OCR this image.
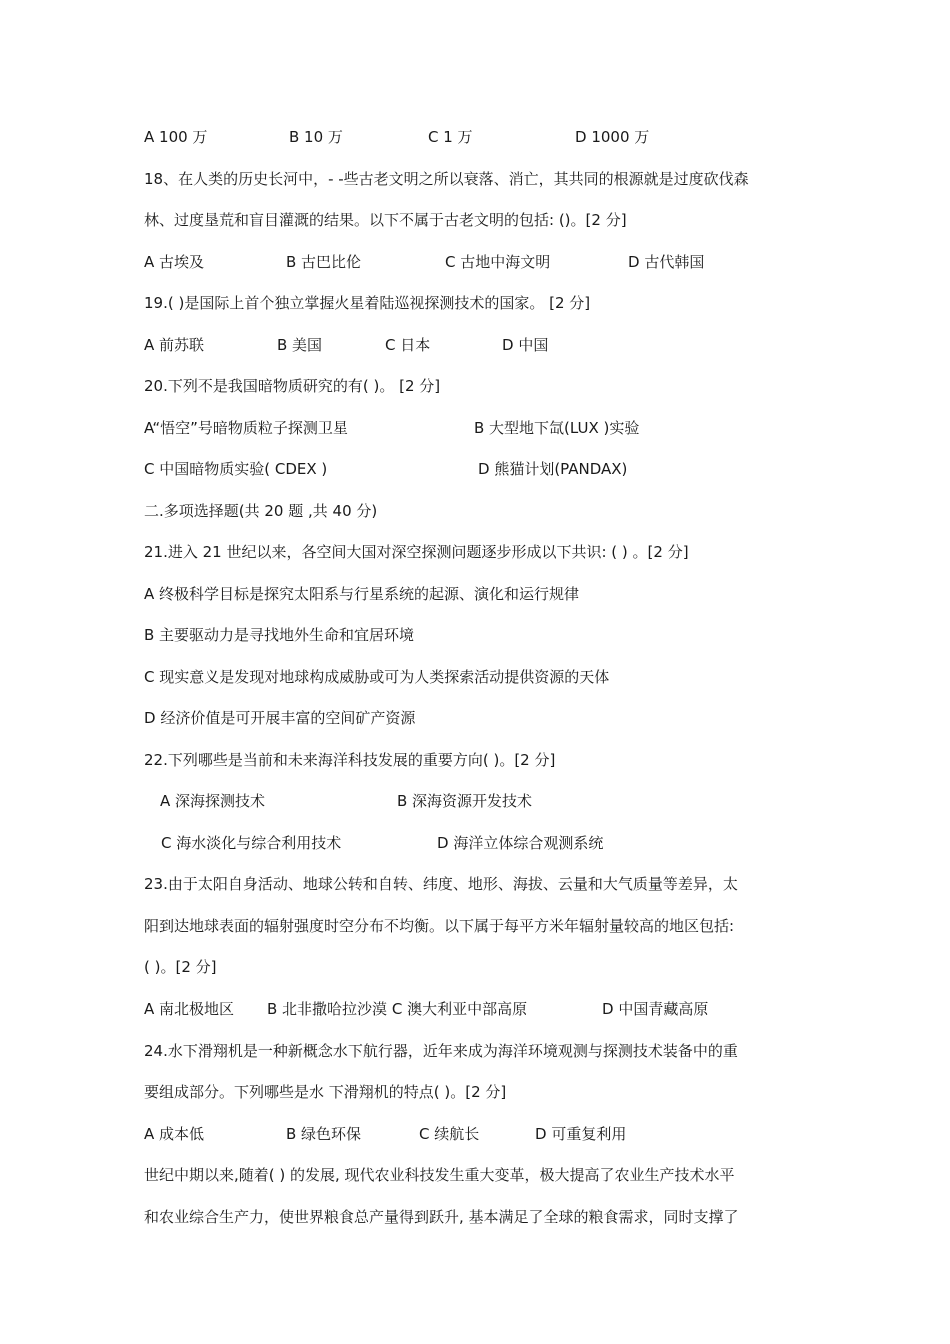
A 100 万	B 10 万	C 1 万	D 1000 万
18、在人类的历史长河中，- -些古老文明之所以衰落、消亡，其共同的根源就是过度砍伐森
林、过度垦荒和盲目灌溉的结果。以下不属于古老文明的包括: ()。[2 分]
A 古埃及	B 古巴比伦	C 古地中海文明	D 古代韩国
19.( )是国际上首个独立掌握火星着陆巡视探测技术的国家。 [2 分]
A 前苏联	B 美国	C 日本	D 中国
20.下列不是我国暗物质研究的有( )。 [2 分]
A“悟空”号暗物质粒子探测卫星	B 大型地下氙(LUX )实验
C 中国暗物质实验( CDEX )	D 熊猫计划(PANDAX)
二.多项选择题(共 20 题 ,共 40 分)
21.进入 21 世纪以来，各空间大国对深空探测问题逐步形成以下共识: ( ) 。[2 分]
A 终极科学目标是探究太阳系与行星系统的起源、演化和运行规律
B 主要驱动力是寻找地外生命和宜居环境
C 现实意义是发现对地球构成威胁或可为人类探索活动提供资源的天体
D 经济价值是可开展丰富的空间矿产资源
22.下列哪些是当前和未来海洋科技发展的重要方向( )。[2 分]
A 深海探测技术	B 深海资源开发技术
C 海水淡化与综合利用技术	D 海洋立体综合观测系统
23.由于太阳自身活动、地球公转和自转、纬度、地形、海拔、云量和大气质量等差异，太
阳到达地球表面的辐射强度时空分布不均衡。以下属于每平方米年辐射量较高的地区包括:
( )。[2 分]
A 南北极地区 B 北非撒哈拉沙漠 C 澳大利亚中部高原	D 中国青藏高原
24.水下滑翔机是一种新概念水下航行器，近年来成为海洋环境观测与探测技术装备中的重
要组成部分。下列哪些是水 下滑翔机的特点( )。[2 分]
A 成本低	B 绿色环保	C 续航长	D 可重复利用
世纪中期以来,随着( ) 的发展, 现代农业科技发生重大变革，极大提高了农业生产技术水平
和农业综合生产力，使世界粮食总产量得到跃升, 基本满足了全球的粮食需求，同时支撑了
